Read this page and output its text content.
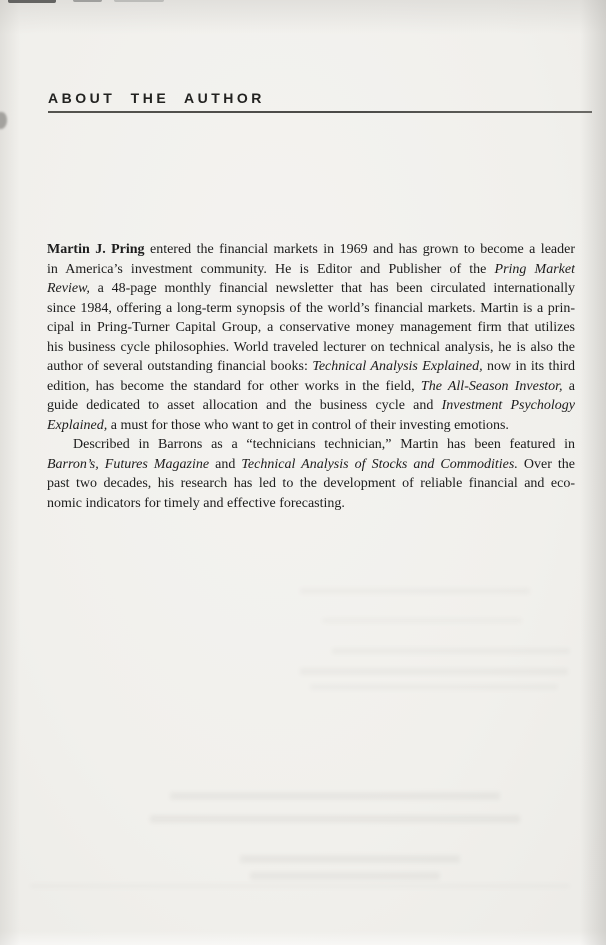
ABOUT THE AUTHOR
Martin J. Pring entered the financial markets in 1969 and has grown to become a leader
in America’s investment community. He is Editor and Publisher of the Pring Market
Review, a 48-page monthly financial newsletter that has been circulated internationally
since 1984, offering a long-term synopsis of the world’s financial markets. Martin is a prin-
cipal in Pring-Turner Capital Group, a conservative money management firm that utilizes
his business cycle philosophies. World traveled lecturer on technical analysis, he is also the
author of several outstanding financial books: Technical Analysis Explained, now in its third
edition, has become the standard for other works in the field, The All-Season Investor, a
guide dedicated to asset allocation and the business cycle and Investment Psychology
Explained, a must for those who want to get in control of their investing emotions.
Described in Barrons as a “technicians technician,” Martin has been featured in
Barron’s, Futures Magazine and Technical Analysis of Stocks and Commodities. Over the
past two decades, his research has led to the development of reliable financial and eco-
nomic indicators for timely and effective forecasting.
